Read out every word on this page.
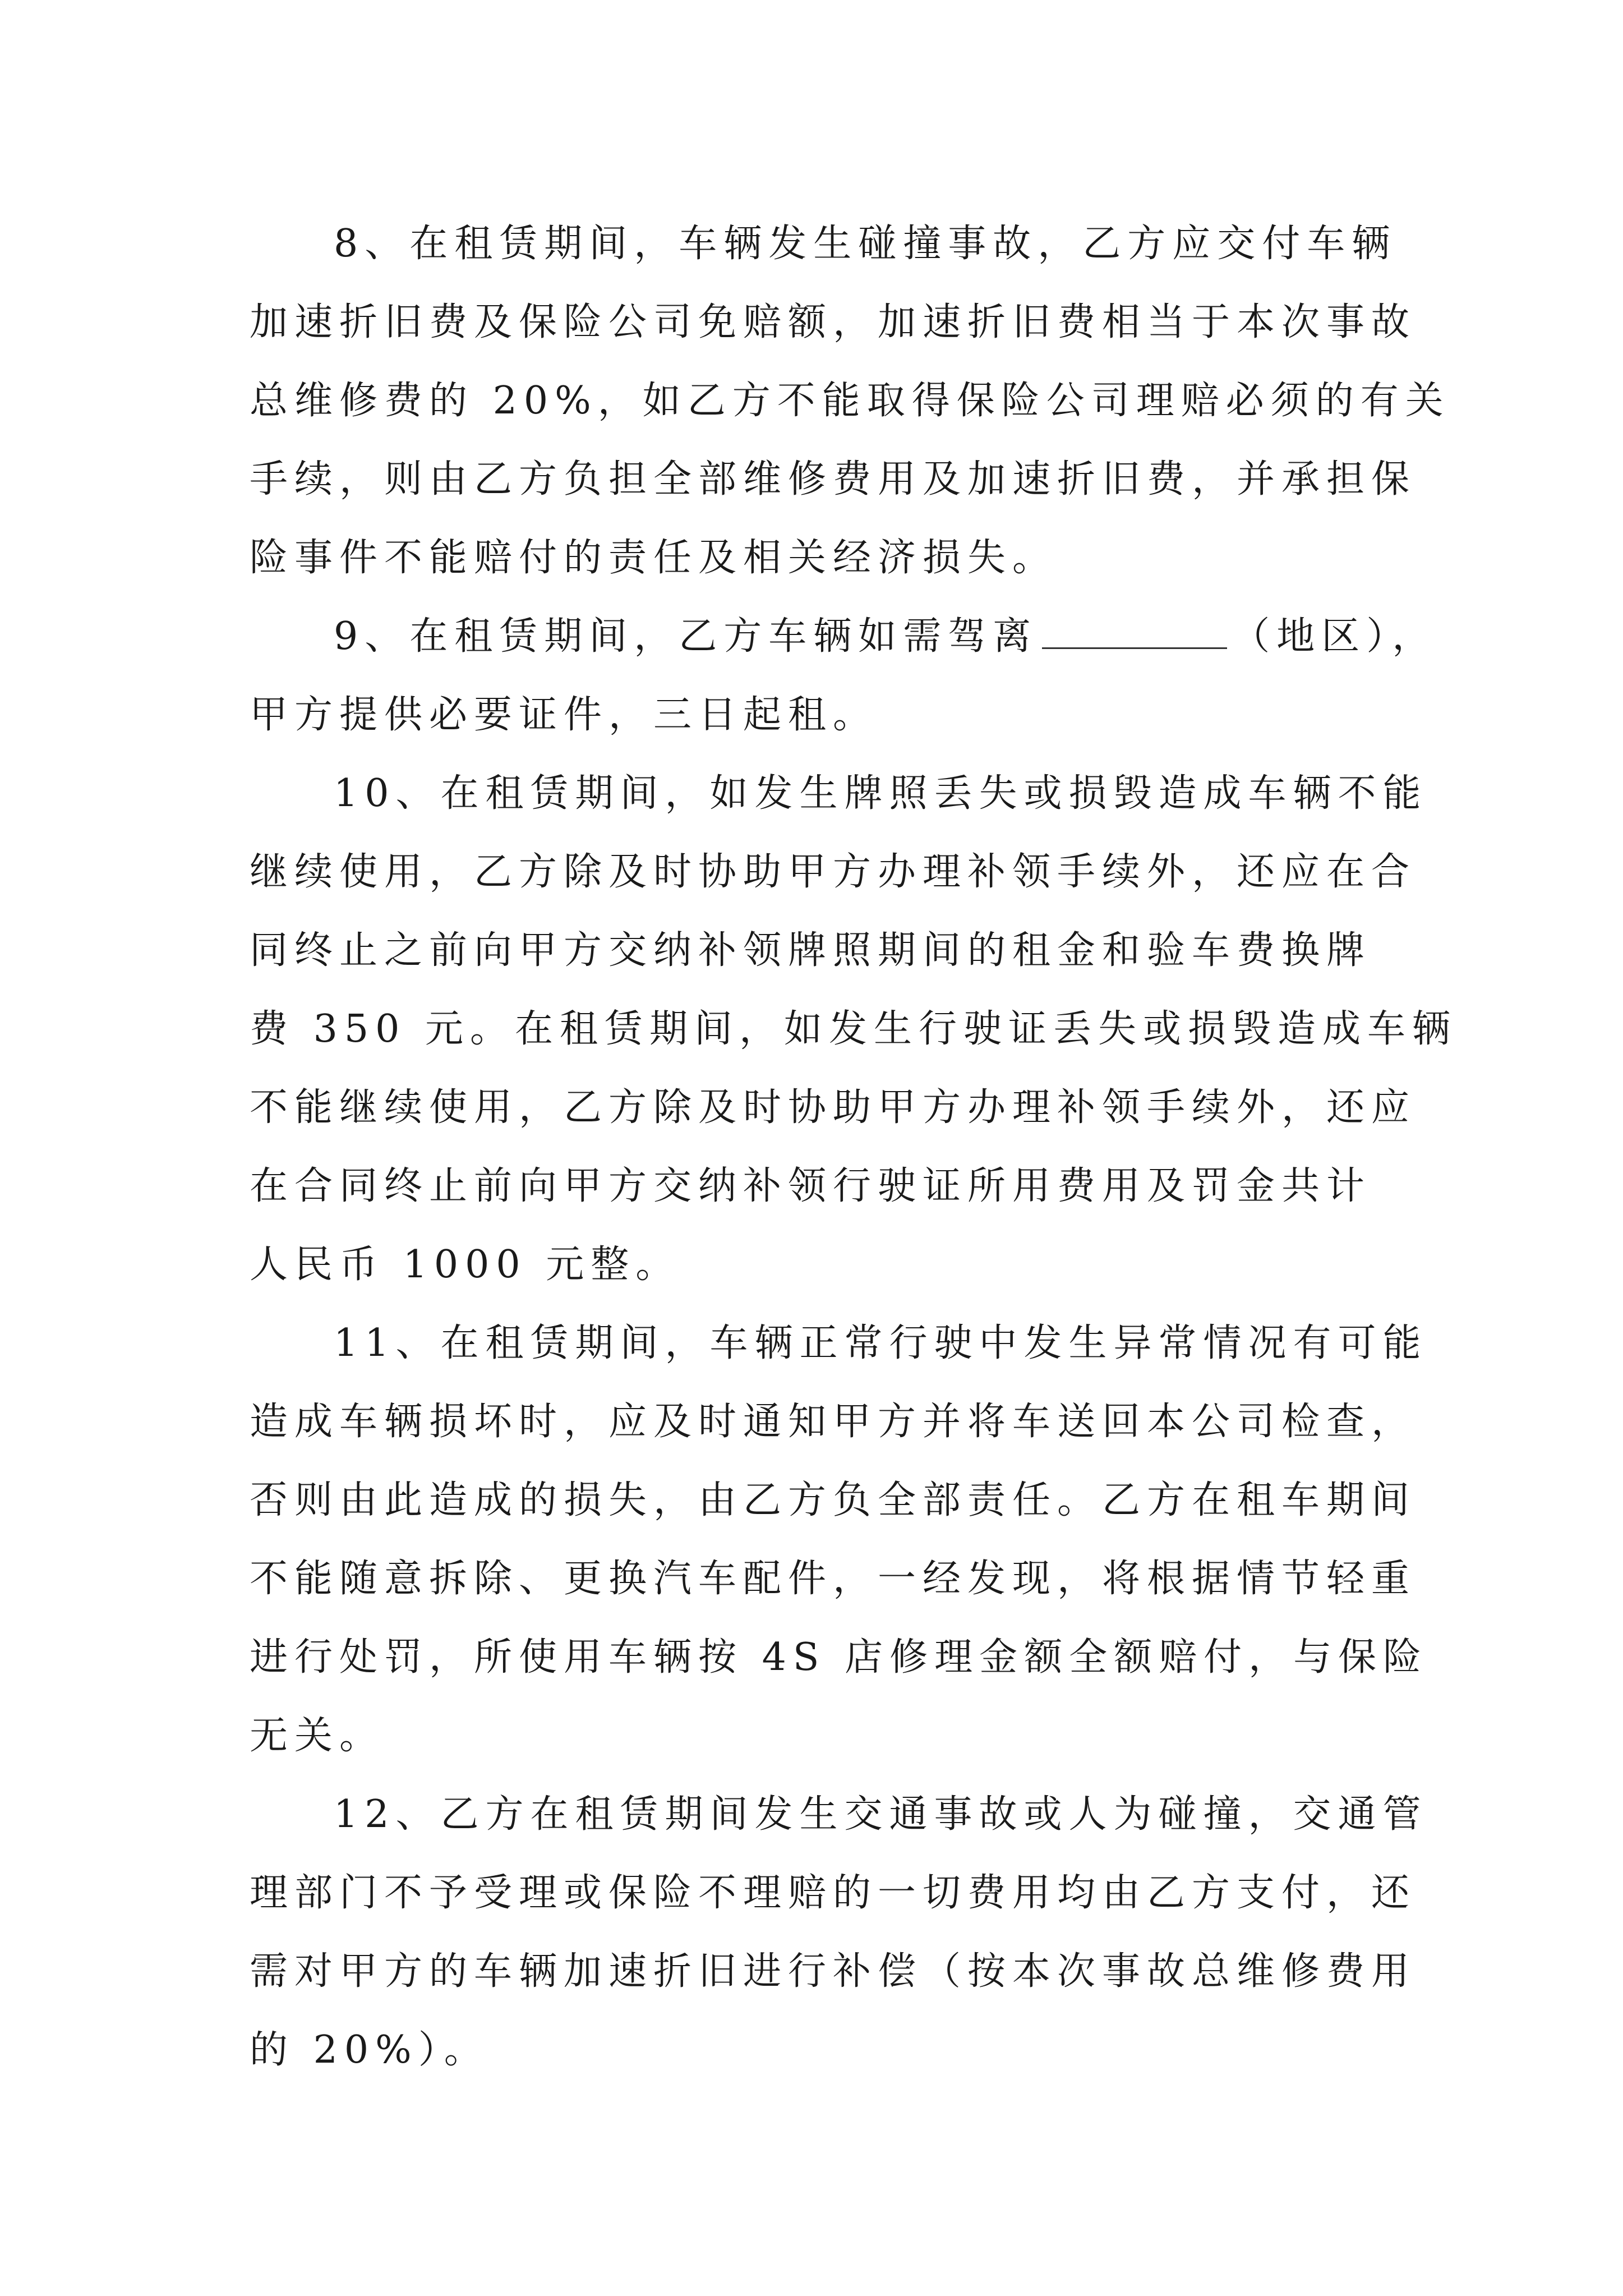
8、在租赁期间，车辆发生碰撞事故，乙方应交付车辆
加速折旧费及保险公司免赔额，加速折旧费相当于本次事故
总维修费的 20%，如乙方不能取得保险公司理赔必须的有关
手续，则由乙方负担全部维修费用及加速折旧费，并承担保
险事件不能赔付的责任及相关经济损失。
9、在租赁期间，乙方车辆如需驾离	（地区），
甲方提供必要证件，三日起租。
10、在租赁期间，如发生牌照丢失或损毁造成车辆不能
继续使用，乙方除及时协助甲方办理补领手续外，还应在合
同终止之前向甲方交纳补领牌照期间的租金和验车费换牌
费 350 元。在租赁期间，如发生行驶证丢失或损毁造成车辆
不能继续使用，乙方除及时协助甲方办理补领手续外，还应
在合同终止前向甲方交纳补领行驶证所用费用及罚金共计
人民币 1000 元整。
11、在租赁期间，车辆正常行驶中发生异常情况有可能
造成车辆损坏时，应及时通知甲方并将车送回本公司检查，
否则由此造成的损失，由乙方负全部责任。乙方在租车期间
不能随意拆除、更换汽车配件，一经发现，将根据情节轻重
进行处罚，所使用车辆按 4S 店修理金额全额赔付，与保险
无关。
12、乙方在租赁期间发生交通事故或人为碰撞，交通管
理部门不予受理或保险不理赔的一切费用均由乙方支付，还
需对甲方的车辆加速折旧进行补偿（按本次事故总维修费用
的 20%）。
